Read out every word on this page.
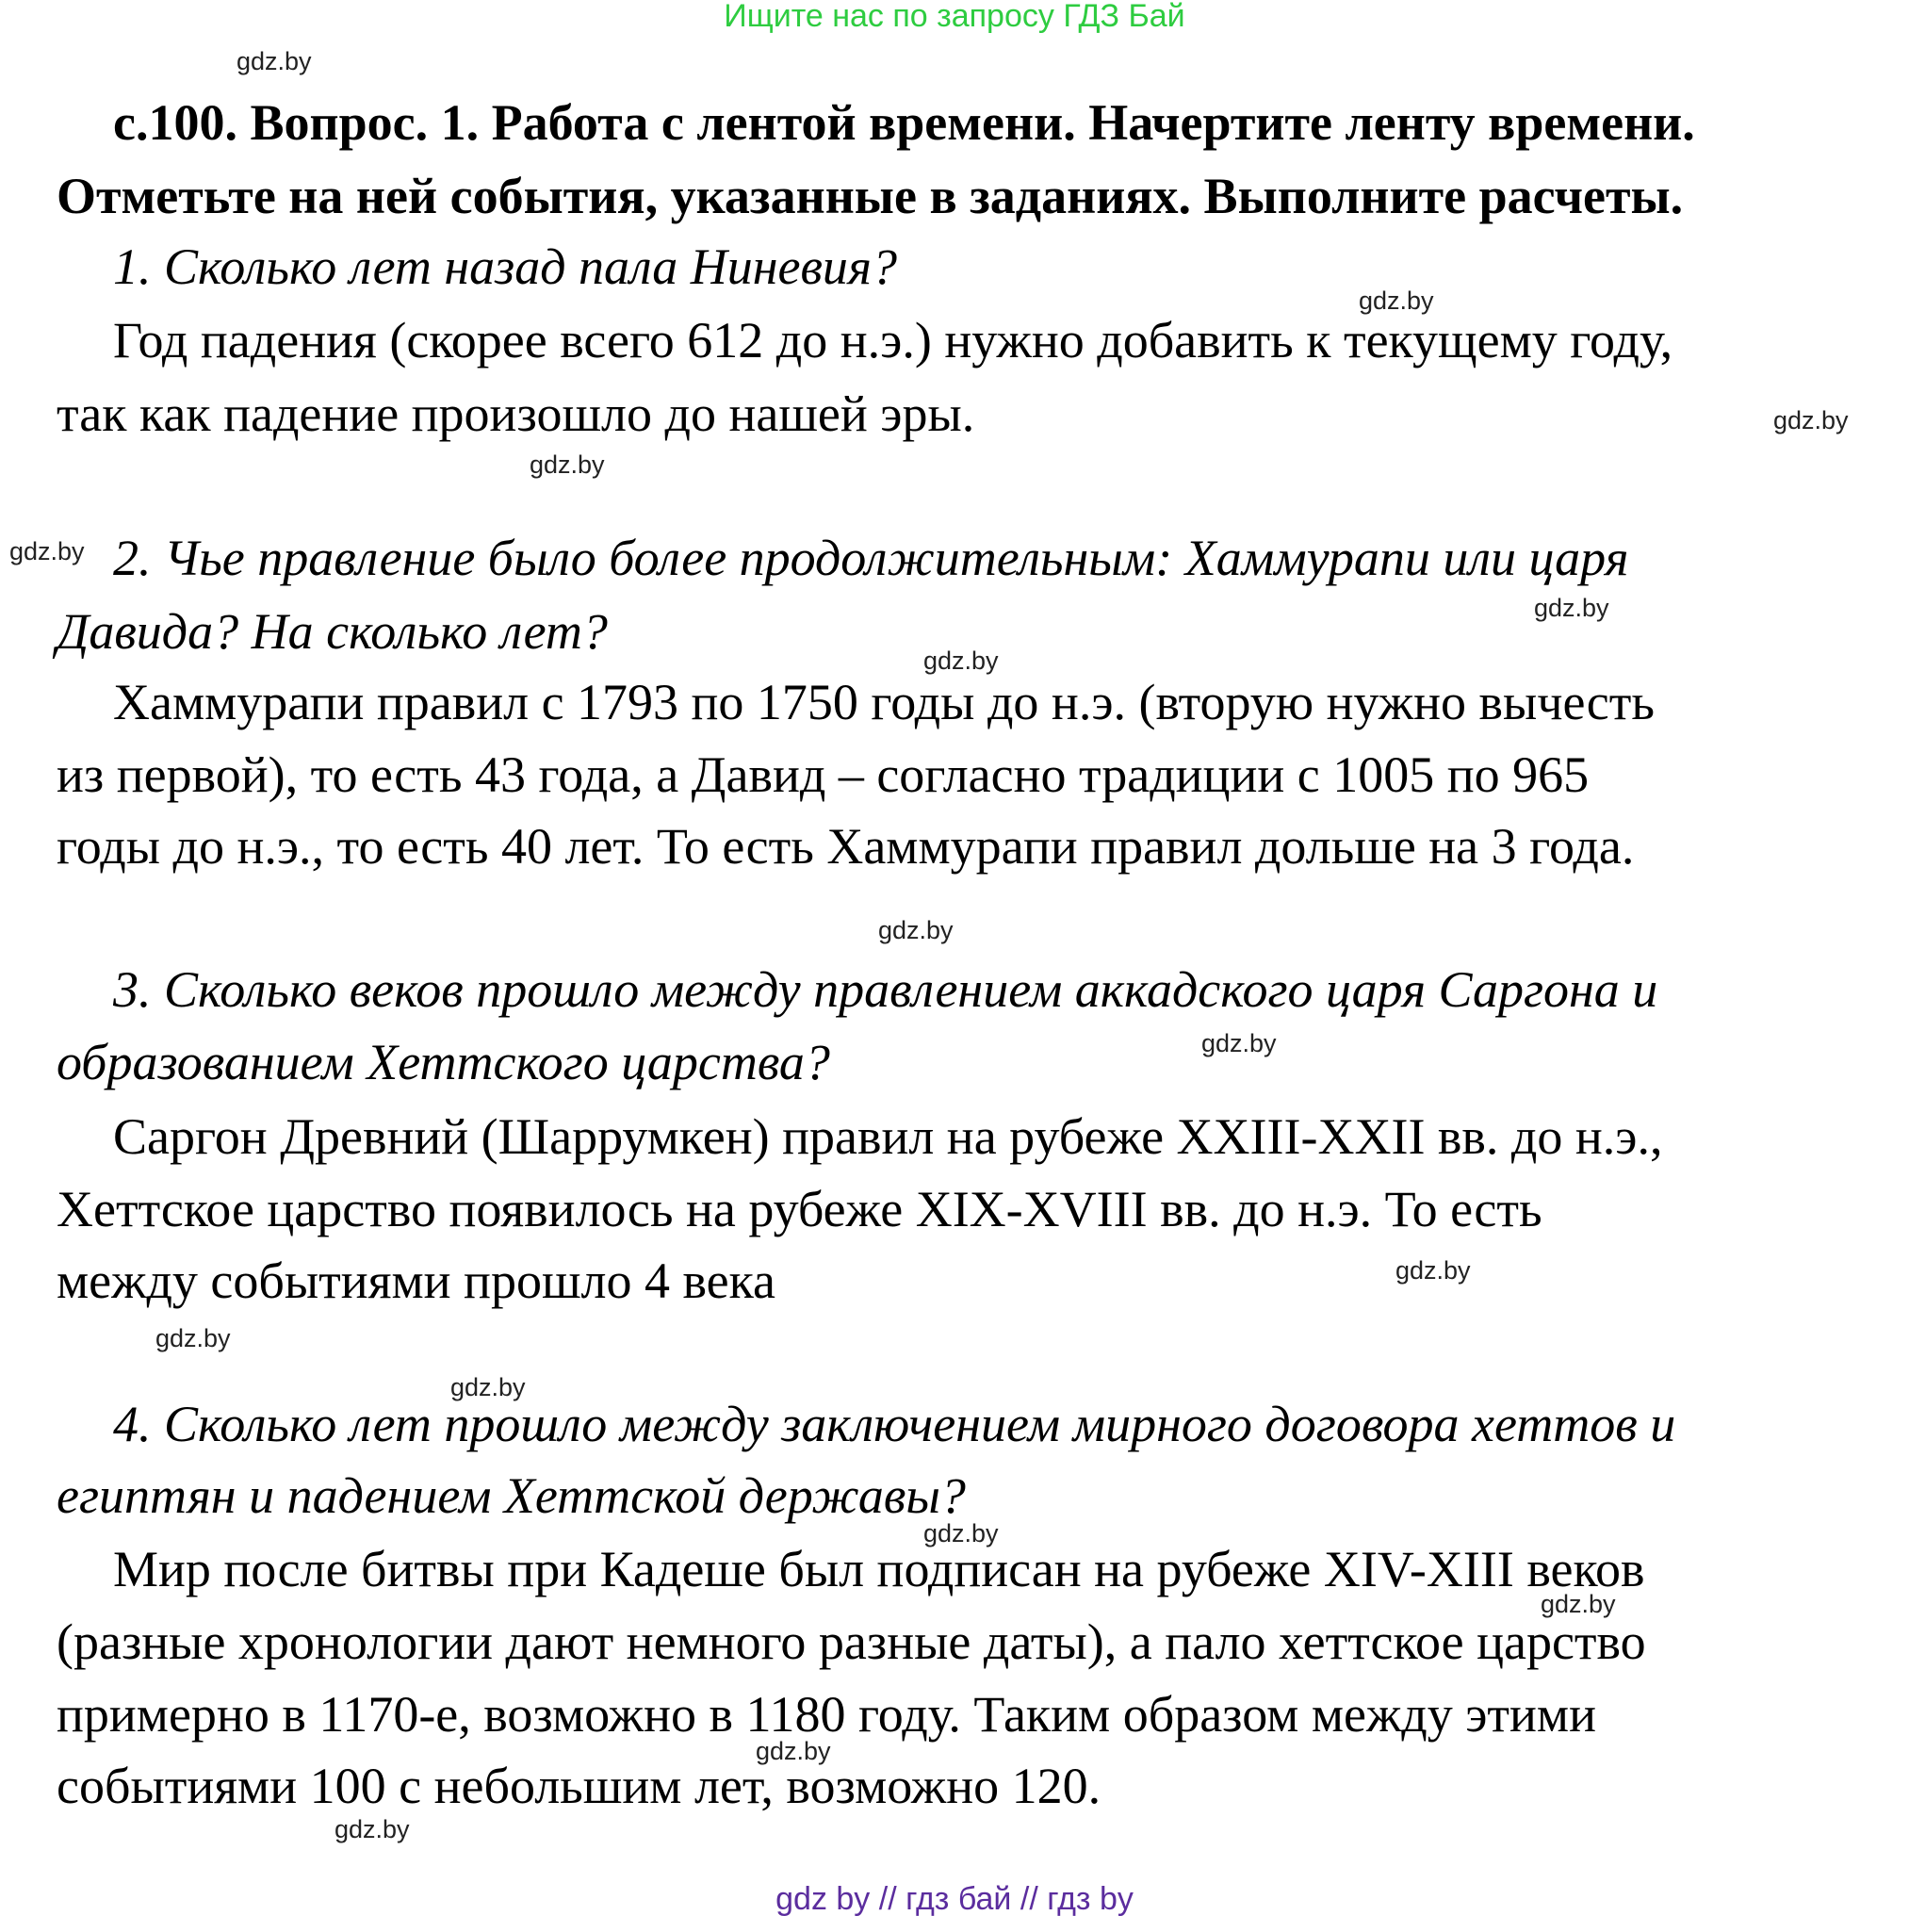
Ищите нас по запросу ГДЗ Бай
с.100. Вопрос. 1. Работа с лентой времени. Начертите ленту времени.
Отметьте на ней события, указанные в заданиях. Выполните расчеты.
1. Сколько лет назад пала Ниневия?
Год падения (скорее всего 612 до н.э.) нужно добавить к текущему году,
так как падение произошло до нашей эры.
2. Чье правление было более продолжительным: Хаммурапи или царя
Давида? На сколько лет?
Хаммурапи правил с 1793 по 1750 годы до н.э. (вторую нужно вычесть
из первой), то есть 43 года, а Давид – согласно традиции с 1005 по 965
годы до н.э., то есть 40 лет. То есть Хаммурапи правил дольше на 3 года.
3. Сколько веков прошло между правлением аккадского царя Саргона и
образованием Хеттского царства?
Саргон Древний (Шаррумкен) правил на рубеже XXIII-XXII вв. до н.э.,
Хеттское царство появилось на рубеже XIX-XVIII вв. до н.э. То есть
между событиями прошло 4 века
4. Сколько лет прошло между заключением мирного договора хеттов и
египтян и падением Хеттской державы?
Мир после битвы при Кадеше был подписан на рубеже XIV-XIII веков
(разные хронологии дают немного разные даты), а пало хеттское царство
примерно в 1170-е, возможно в 1180 году. Таким образом между этими
событиями 100 с небольшим лет, возможно 120.
gdz.by
gdz.by
gdz.by
gdz.by
gdz.by
gdz.by
gdz.by
gdz.by
gdz.by
gdz.by
gdz.by
gdz.by
gdz.by
gdz.by
gdz.by
gdz.by
gdz by // гдз бай // гдз by
